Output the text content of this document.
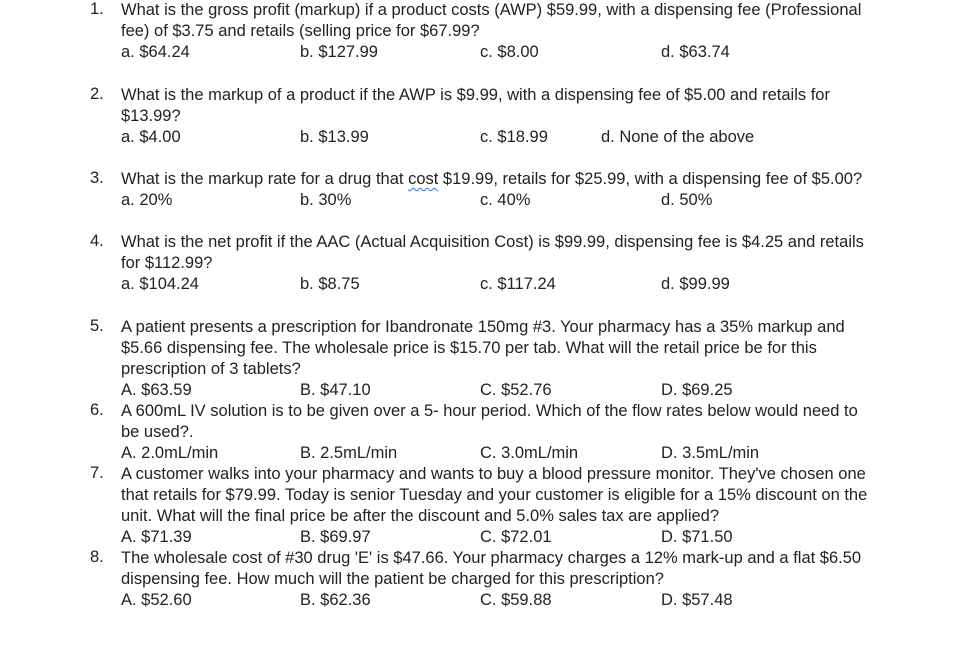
1. What is the gross profit (markup) if a product costs (AWP) $59.99, with a dispensing fee (Professional
fee) of $3.75 and retails (selling price for $67.99?
a. $64.24	b. $127.99	c. $8.00	d. $63.74
2. What is the markup of a product if the AWP is $9.99, with a dispensing fee of $5.00 and retails for
$13.99?
a. $4.00	b. $13.99	c. $18.99	d. None of the above
3. What is the markup rate for a drug that cost $19.99, retails for $25.99, with a dispensing fee of $5.00?
a. 20%	b. 30%	c. 40%	d. 50%
4. What is the net profit if the AAC (Actual Acquisition Cost) is $99.99, dispensing fee is $4.25 and retails
for $112.99?
a. $104.24	b. $8.75	c. $117.24	d. $99.99
5. A patient presents a prescription for Ibandronate 150mg #3. Your pharmacy has a 35% markup and
$5.66 dispensing fee. The wholesale price is $15.70 per tab. What will the retail price be for this
prescription of 3 tablets?
A. $63.59	B. $47.10	C. $52.76	D. $69.25
6. A 600mL IV solution is to be given over a 5- hour period. Which of the flow rates below would need to
be used?.
A. 2.0mL/min	B. 2.5mL/min	C. 3.0mL/min	D. 3.5mL/min
7. A customer walks into your pharmacy and wants to buy a blood pressure monitor. They've chosen one
that retails for $79.99. Today is senior Tuesday and your customer is eligible for a 15% discount on the
unit. What will the final price be after the discount and 5.0% sales tax are applied?
A. $71.39	B. $69.97	C. $72.01	D. $71.50
8. The wholesale cost of #30 drug 'E' is $47.66. Your pharmacy charges a 12% mark-up and a flat $6.50
dispensing fee. How much will the patient be charged for this prescription?
A. $52.60	B. $62.36	C. $59.88	D. $57.48
